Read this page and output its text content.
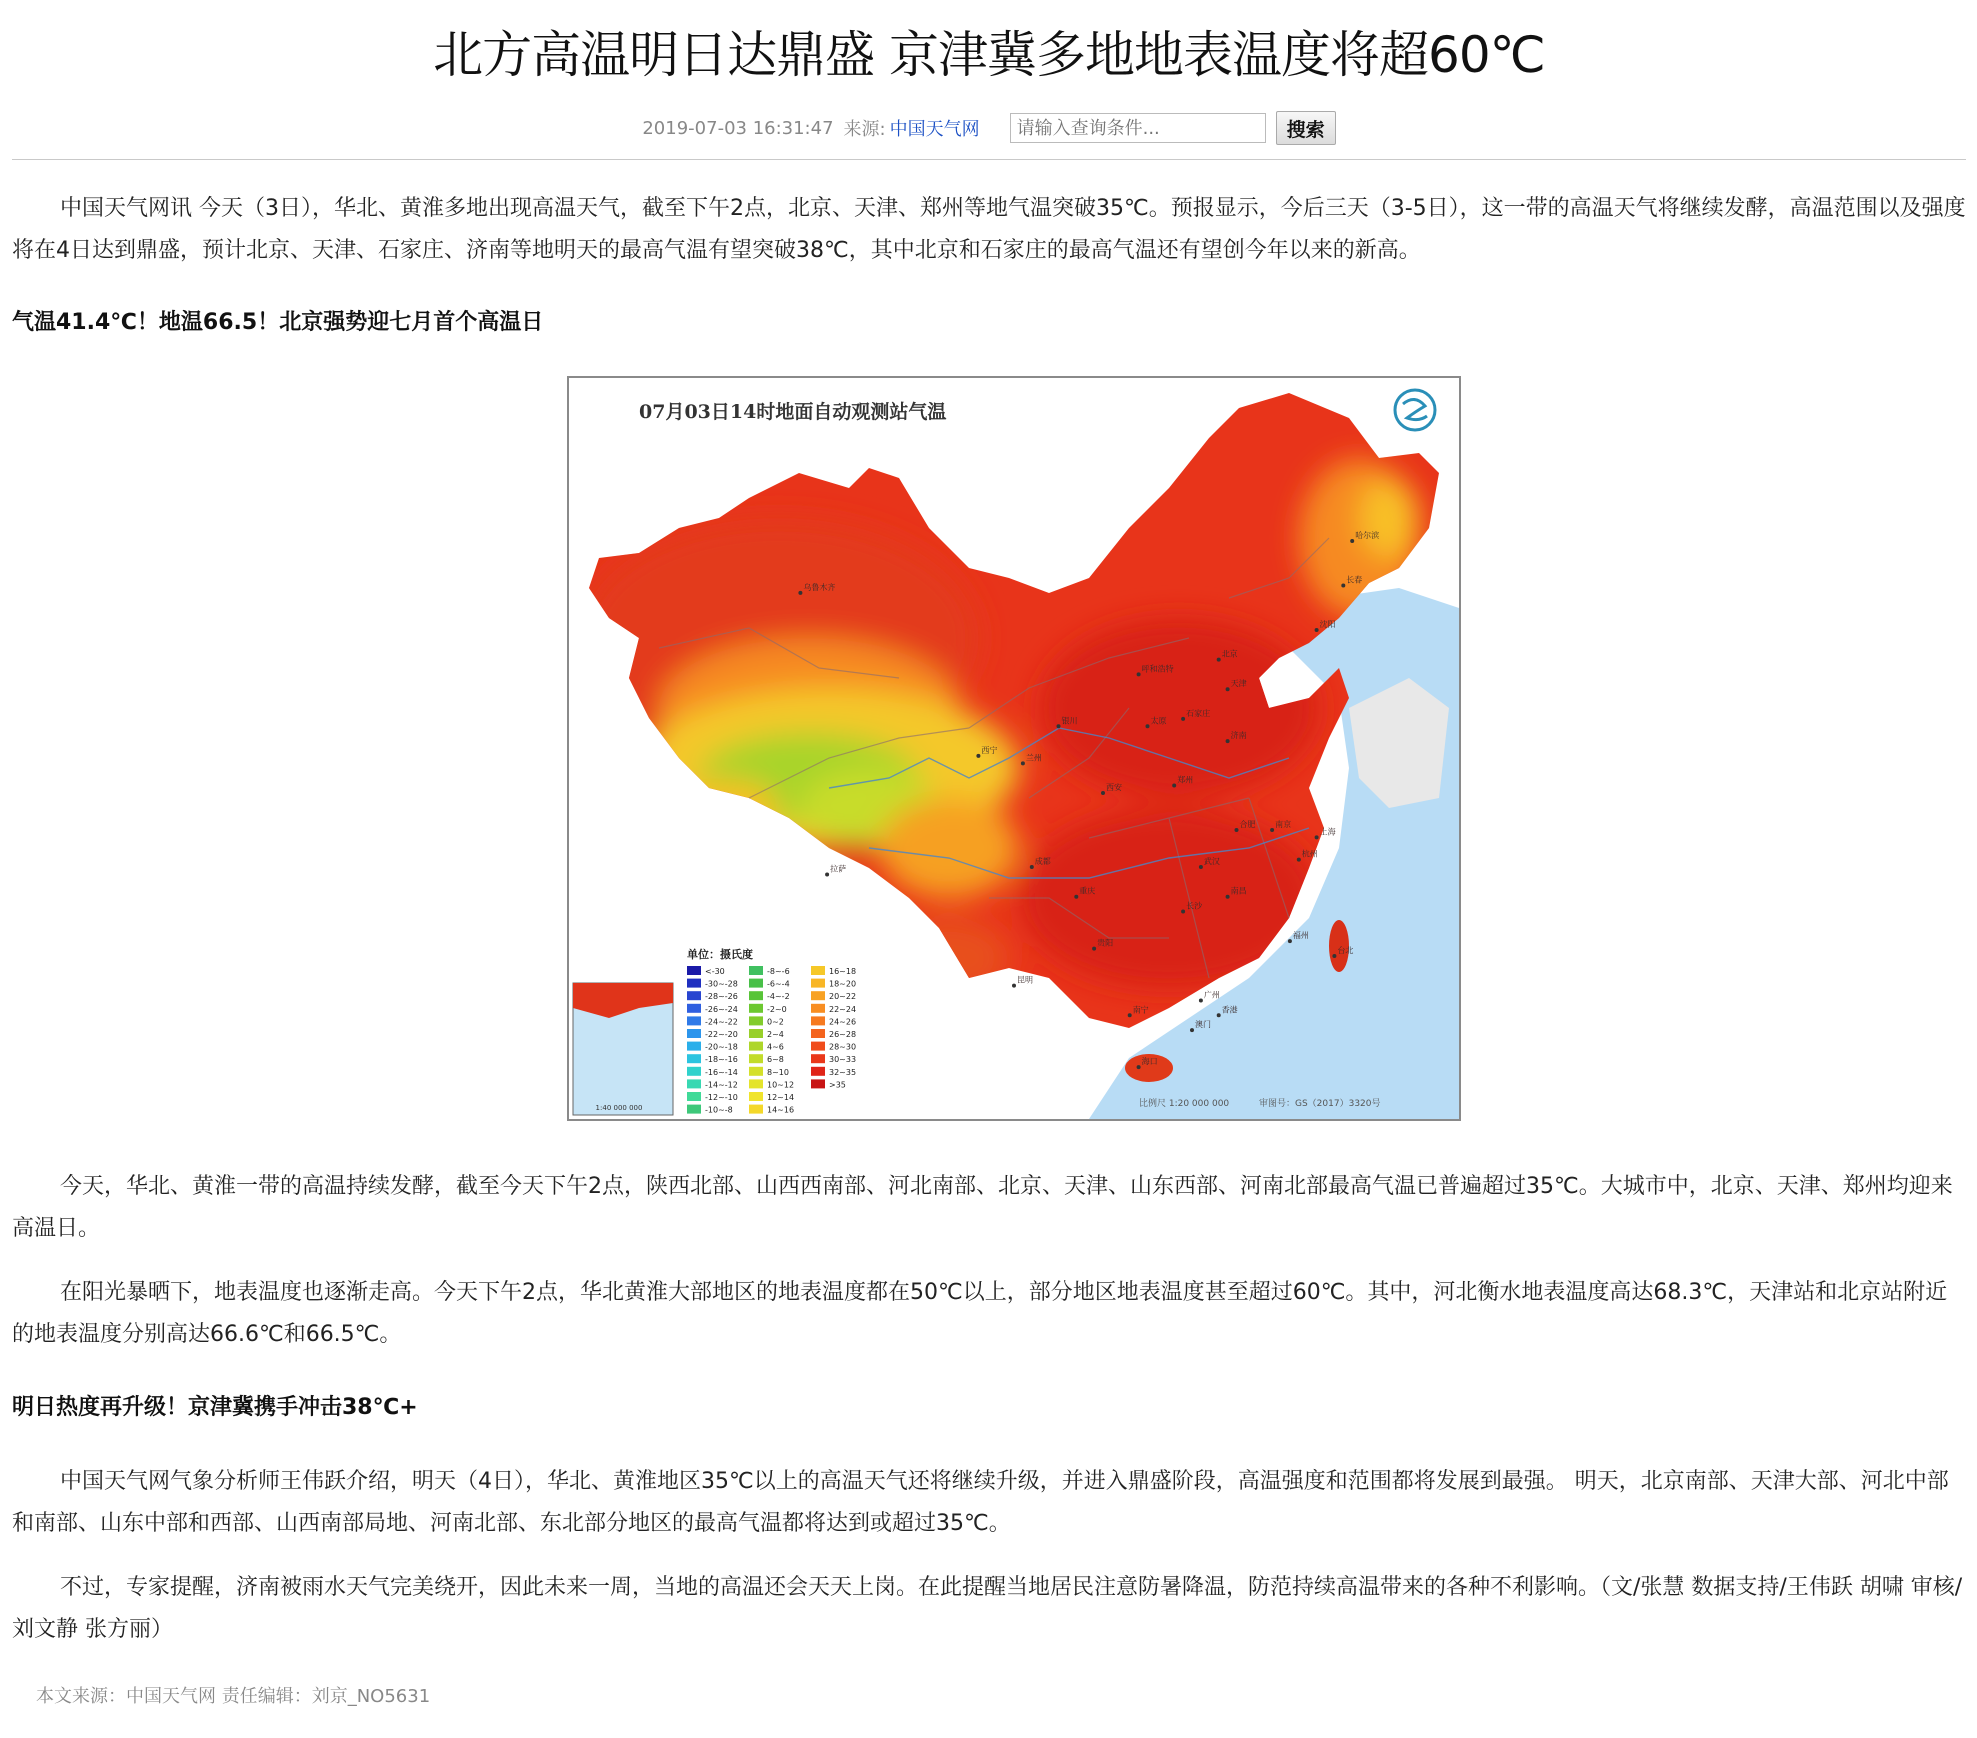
北方高温明日达鼎盛 京津冀多地地表温度将超60℃
2019-07-03 16:31:47 来源: 中国天气网
请输入查询条件...	搜索

中国天气网讯 今天（3日），华北、黄淮多地出现高温天气，截至下午2点，北京、天津、郑州等地气温突破35℃。预报显示，今后三天（3-5日），这一带的高温天气将继续发酵，高温范围以及强度将在4日达到鼎盛，预计北京、天津、石家庄、济南等地明天的最高气温有望突破38℃，其中北京和石家庄的最高气温还有望创今年以来的新高。

气温41.4℃！地温66.5！北京强势迎七月首个高温日

07月03日14时地面自动观测站气温
乌鲁木齐
哈尔滨
长春
沈阳
呼和浩特
北京
天津
太原
石家庄
银川
济南
西宁
兰州
郑州
西安
南京
合肥
上海
拉萨
成都	武汉
杭州
重庆
长沙
南昌
福州
贵阳
台北
昆明
广州
南宁	香港
澳门
海口
1:40 000 000
单位：摄氏度
<-30
-30~-28
-28~-26
-26~-24
-24~-22
-22~-20
-20~-18
-18~-16
-16~-14
-14~-12
-12~-10
-10~-8
-8~-6
-6~-4
-4~-2
-2~0
0~2
2~4
4~6
6~8
8~10
10~12
12~14
14~16
16~18
18~20
20~22
22~24
24~26
26~28
28~30
30~33
32~35
>35
比例尺 1:20 000 000	审图号：GS（2017）3320号

今天，华北、黄淮一带的高温持续发酵，截至今天下午2点，陕西北部、山西西南部、河北南部、北京、天津、山东西部、河南北部最高气温已普遍超过35℃。大城市中，北京、天津、郑州均迎来高温日。

在阳光暴晒下，地表温度也逐渐走高。今天下午2点，华北黄淮大部地区的地表温度都在50℃以上，部分地区地表温度甚至超过60℃。其中，河北衡水地表温度高达68.3℃，天津站和北京站附近的地表温度分别高达66.6℃和66.5℃。

明日热度再升级！京津冀携手冲击38℃+

中国天气网气象分析师王伟跃介绍，明天（4日），华北、黄淮地区35℃以上的高温天气还将继续升级，并进入鼎盛阶段，高温强度和范围都将发展到最强。 明天，北京南部、天津大部、河北中部和南部、山东中部和西部、山西南部局地、河南北部、东北部分地区的最高气温都将达到或超过35℃。

不过，专家提醒，济南被雨水天气完美绕开，因此未来一周，当地的高温还会天天上岗。在此提醒当地居民注意防暑降温，防范持续高温带来的各种不利影响。（文/张慧 数据支持/王伟跃 胡啸 审核/刘文静 张方丽）

本文来源：中国天气网 责任编辑：刘京_NO5631
